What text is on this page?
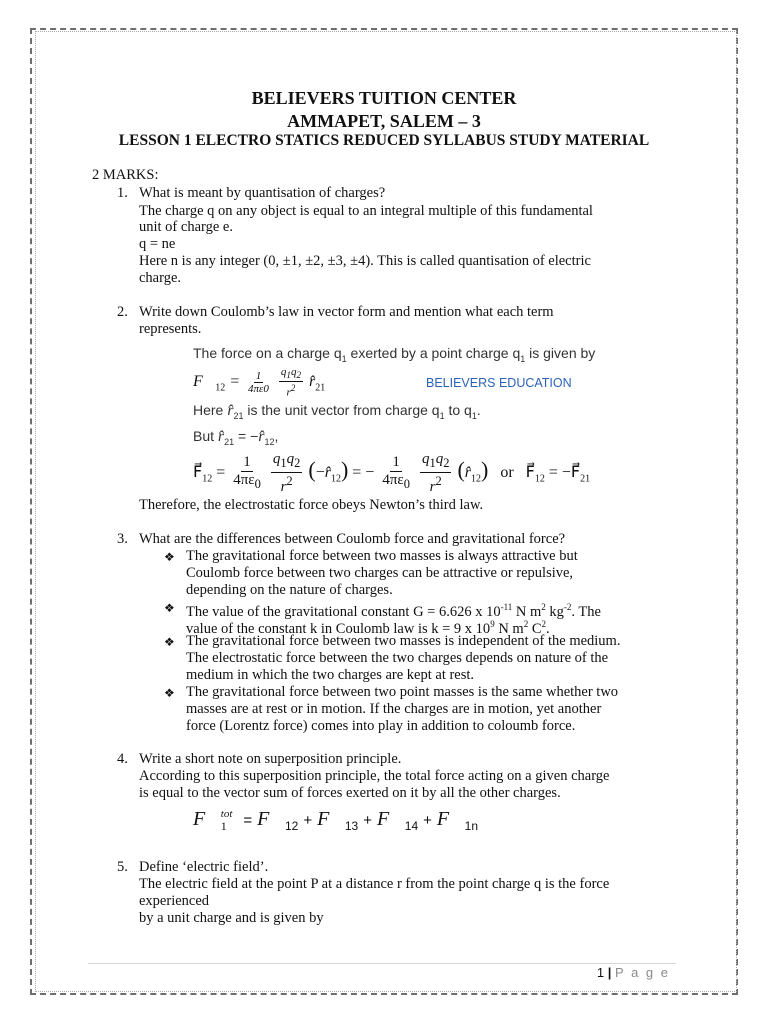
BELIEVERS TUITION CENTER
AMMAPET, SALEM – 3
LESSON 1 ELECTRO STATICS REDUCED SYLLABUS STUDY MATERIAL
2 MARKS:
1. What is meant by quantisation of charges?
The charge q on any object is equal to an integral multiple of this fundamental
unit of charge e.
q = ne
Here n is any integer (0, ±1, ±2, ±3, ±4). This is called quantisation of electric
charge.
2. Write down Coulomb’s law in vector form and mention what each term
represents.
The force on a charge $q_1$ exerted by a point charge $q_1$ is given by
$F⃗_{12} = \frac{1}{4\pi\varepsilon 0}$
$\frac{q_1q_2}{r^2}$ $r̂_{21}$	BELIEVERS EDUCATION
Here $r̂_{21}$ is the unit vector from charge $q_1$ to $q_1$.
But $r̂_{21}$ = $-r̂_{12}$,
$F⃗_{12} = \frac{1}{4\pi\varepsilon_0}$
$\frac{q_1q_2}{r^2}$ $(-r̂_{12})$ = − $\frac{1}{4\pi\varepsilon_0}$
$\frac{q_1q_2}{r^2}$ $(r̂_{12})$ or   $F⃗_{12}$ = $-F⃗_{21}$
Therefore, the electrostatic force obeys Newton’s third law.
3. What are the differences between Coulomb force and gravitational force?
❖ The gravitational force between two masses is always attractive but
Coulomb force between two charges can be attractive or repulsive,
depending on the nature of charges.
❖ The value of the gravitational constant G = 6.626 x $10^{-11}$ N $m^2$ $kg^{-2}$. The
value of the constant k in Coulomb law is k = 9 x $10^9$ N $m^2$ $C^2$.
❖ The gravitational force between two masses is independent of the medium.
The electrostatic force between the two charges depends on nature of the
medium in which the two charges are kept at rest.
❖ The gravitational force between two point masses is the same whether two
masses are at rest or in motion. If the charges are in motion, yet another
force (Lorentz force) comes into play in addition to coloumb force.
4. Write a short note on superposition principle.
According to this superposition principle, the total force acting on a given charge
is equal to the vector sum of forces exerted on it by all the other charges.
$F⃗_1^{tot}$ = $F⃗_{12}$ + $F⃗_{13}$ + $F⃗_{14}$ + $F⃗_{1n}$
5. Define ‘electric field’.
The electric field at the point P at a distance r from the point charge q is the force
experienced
by a unit charge and is given by
1 | P a g e
